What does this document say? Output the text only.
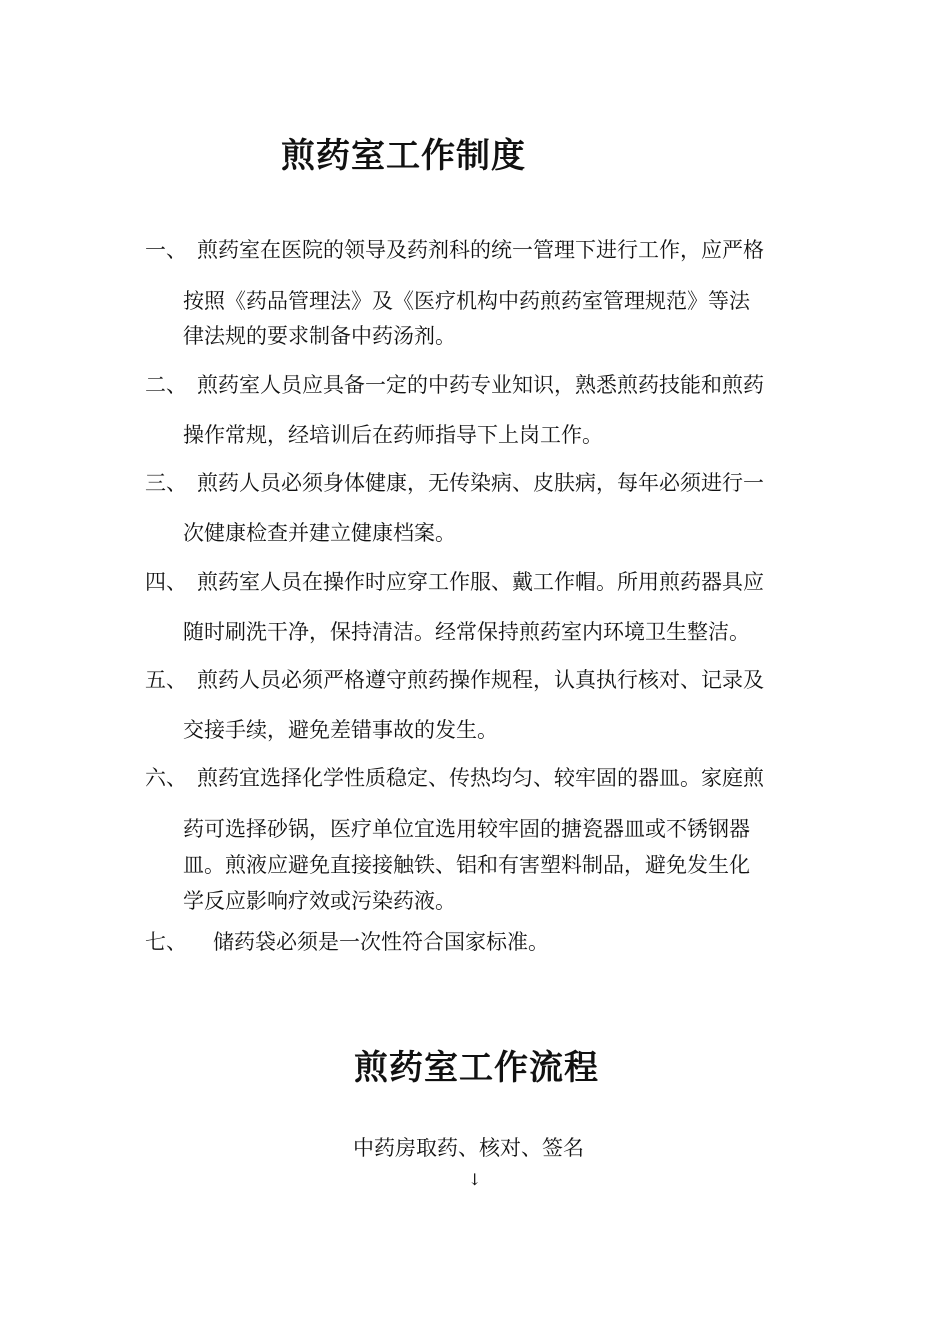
煎药室工作制度
一、 煎药室在医院的领导及药剂科的统一管理下进行工作，应严格
按照《药品管理法》及《医疗机构中药煎药室管理规范》等法
律法规的要求制备中药汤剂。
二、 煎药室人员应具备一定的中药专业知识，熟悉煎药技能和煎药
操作常规，经培训后在药师指导下上岗工作。
三、 煎药人员必须身体健康，无传染病、皮肤病，每年必须进行一
次健康检查并建立健康档案。
四、 煎药室人员在操作时应穿工作服、戴工作帽。所用煎药器具应
随时刷洗干净，保持清洁。经常保持煎药室内环境卫生整洁。
五、 煎药人员必须严格遵守煎药操作规程，认真执行核对、记录及
交接手续，避免差错事故的发生。
六、 煎药宜选择化学性质稳定、传热均匀、较牢固的器皿。家庭煎
药可选择砂锅，医疗单位宜选用较牢固的搪瓷器皿或不锈钢器
皿。煎液应避免直接接触铁、铝和有害塑料制品，避免发生化
学反应影响疗效或污染药液。
七、 储药袋必须是一次性符合国家标准。
煎药室工作流程
中药房取药、核对、签名
↓
